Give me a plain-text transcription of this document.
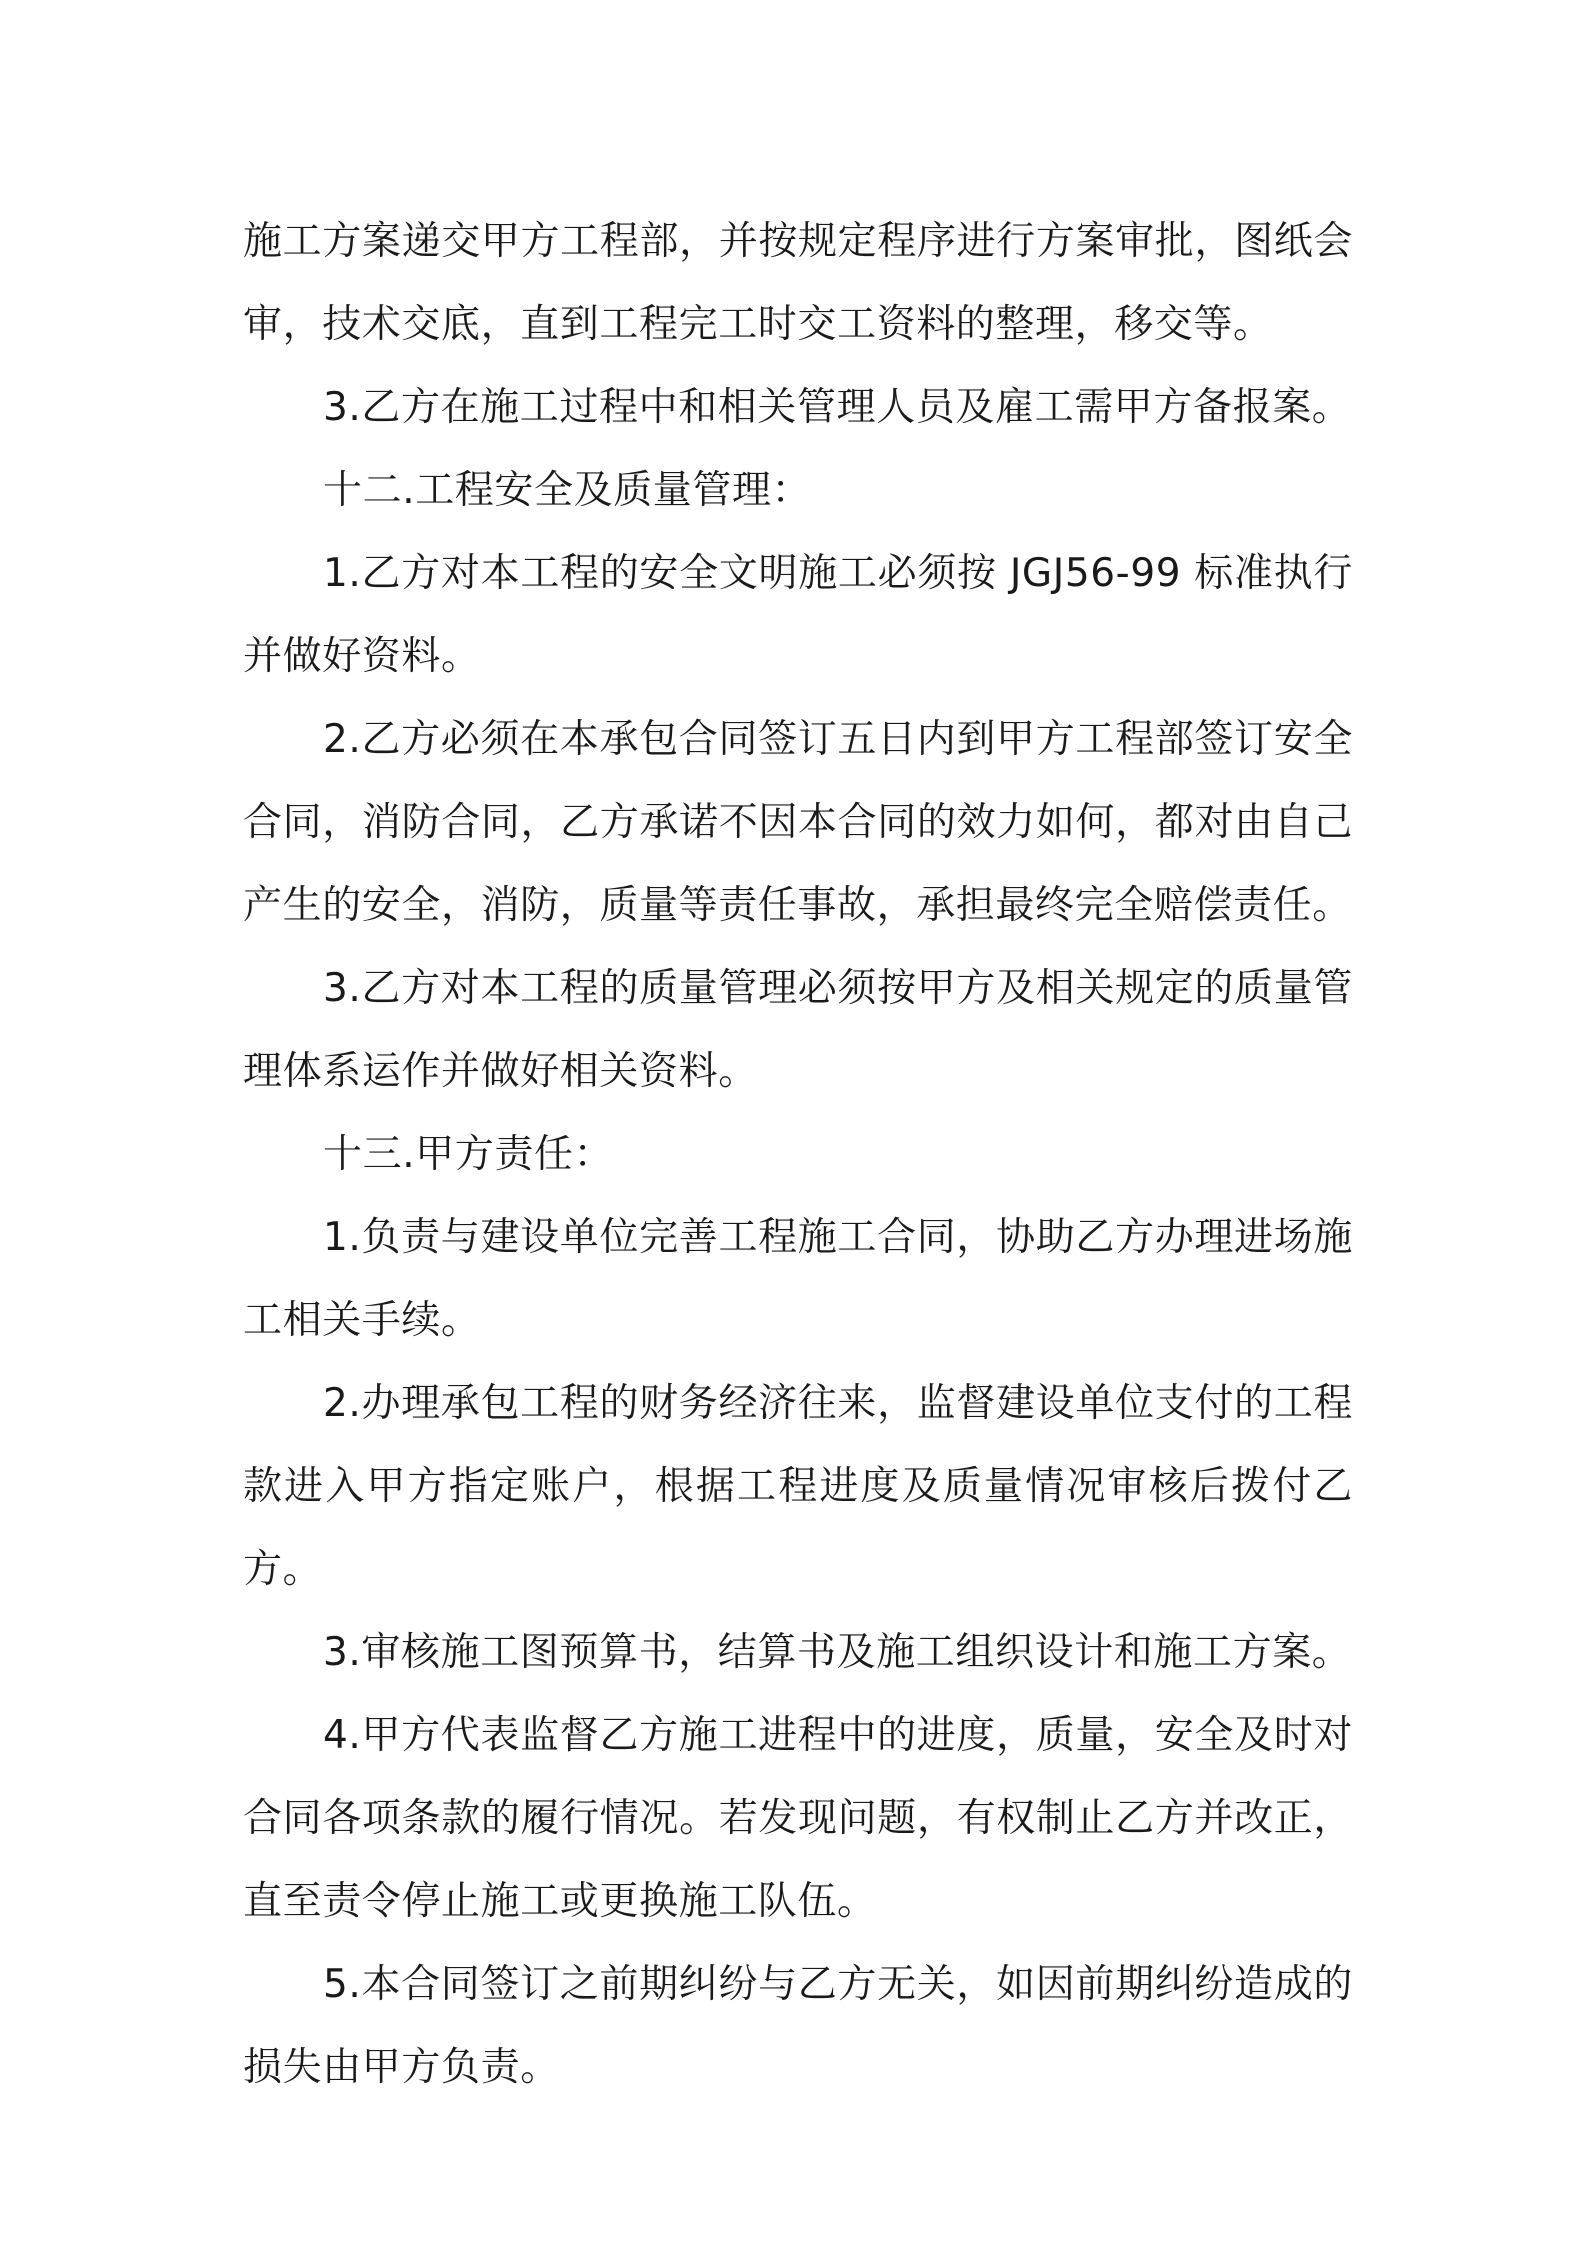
施工方案递交甲方工程部，并按规定程序进行方案审批，图纸会审，技术交底，直到工程完工时交工资料的整理，移交等。

3.乙方在施工过程中和相关管理人员及雇工需甲方备报案。

十二.工程安全及质量管理：

1.乙方对本工程的安全文明施工必须按 JGJ56-99 标准执行并做好资料。

2.乙方必须在本承包合同签订五日内到甲方工程部签订安全合同，消防合同，乙方承诺不因本合同的效力如何，都对由自己产生的安全，消防，质量等责任事故，承担最终完全赔偿责任。

3.乙方对本工程的质量管理必须按甲方及相关规定的质量管理体系运作并做好相关资料。

十三.甲方责任：

1.负责与建设单位完善工程施工合同，协助乙方办理进场施工相关手续。

2.办理承包工程的财务经济往来，监督建设单位支付的工程款进入甲方指定账户，根据工程进度及质量情况审核后拨付乙方。

3.审核施工图预算书，结算书及施工组织设计和施工方案。

4.甲方代表监督乙方施工进程中的进度，质量，安全及时对合同各项条款的履行情况。若发现问题，有权制止乙方并改正，直至责令停止施工或更换施工队伍。

5.本合同签订之前期纠纷与乙方无关，如因前期纠纷造成的损失由甲方负责。
